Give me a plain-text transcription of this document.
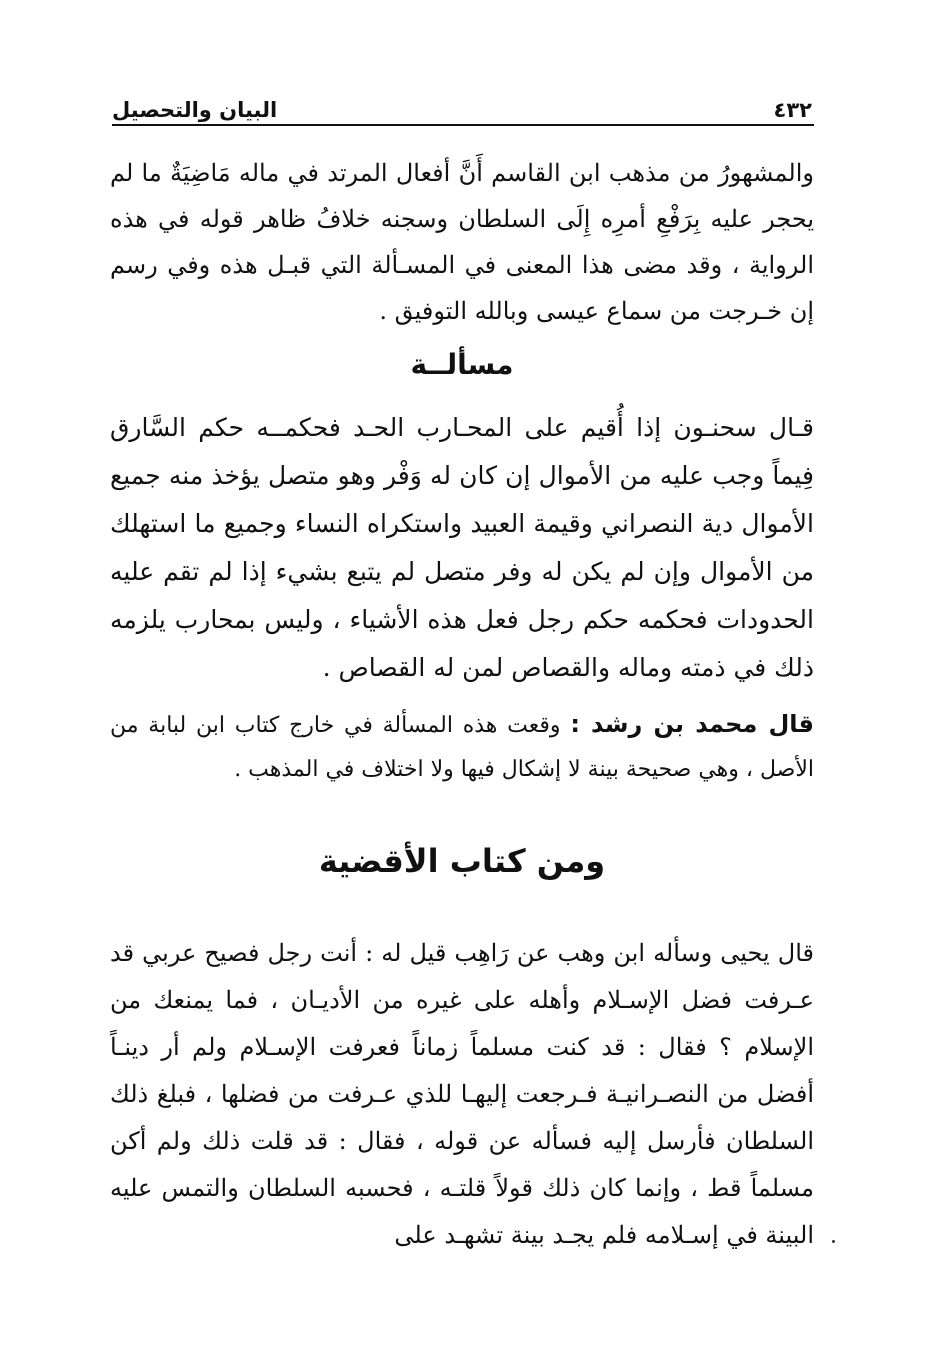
٤٣٢
البيان والتحصيل

والمشهورُ من مذهب ابن القاسم أَنَّ أفعال المرتد في ماله مَاضِيَةٌ ما لم يحجر عليه بِرَفْعِ أمرِه إِلَى السلطان وسجنه خلافُ ظاهر قوله في هذه الرواية ، وقد مضى هذا المعنى في المسـألة التي قبـل هذه وفي رسم إن خـرجت من سماع عيسى وبالله التوفيق .

مسألــة

قـال سحنـون إذا أُقيم على المحـارب الحـد فحكمــه حكم السَّارق فِيماً وجب عليه من الأموال إن كان له وَفْر وهو متصل يؤخذ منه جميع الأموال دية النصراني وقيمة العبيد واستكراه النساء وجميع ما استهلك من الأموال وإن لم يكن له وفر متصل لم يتبع بشيء إذا لم تقم عليه الحدودات فحكمه حكم رجل فعل هذه الأشياء ، وليس بمحارب يلزمه ذلك في ذمته وماله والقصاص لمن له القصاص .

قال محمد بن رشد : وقعت هذه المسألة في خارج كتاب ابن لبابة من الأصل ، وهي صحيحة بينة لا إشكال فيها ولا اختلاف في المذهب .

ومن كتاب الأقضية

قال يحيى وسأله ابن وهب عن رَاهِب قيل له : أنت رجل فصيح عربي قد عـرفت فضل الإسـلام وأهله على غيره من الأديـان ، فما يمنعك من الإسلام ؟ فقال : قد كنت مسلماً زماناً فعرفت الإسـلام ولم أر دينـاً أفضل من النصـرانيـة فـرجعت إليهـا للذي عـرفت من فضلها ، فبلغ ذلك السلطان فأرسل إليه فسأله عن قوله ، فقال : قد قلت ذلك ولم أكن مسلماً قط ، وإنما كان ذلك قولاً قلتـه ، فحسبه السلطان والتمس عليه البينة في إسـلامه فلم يجـد بينة تشهـد على
